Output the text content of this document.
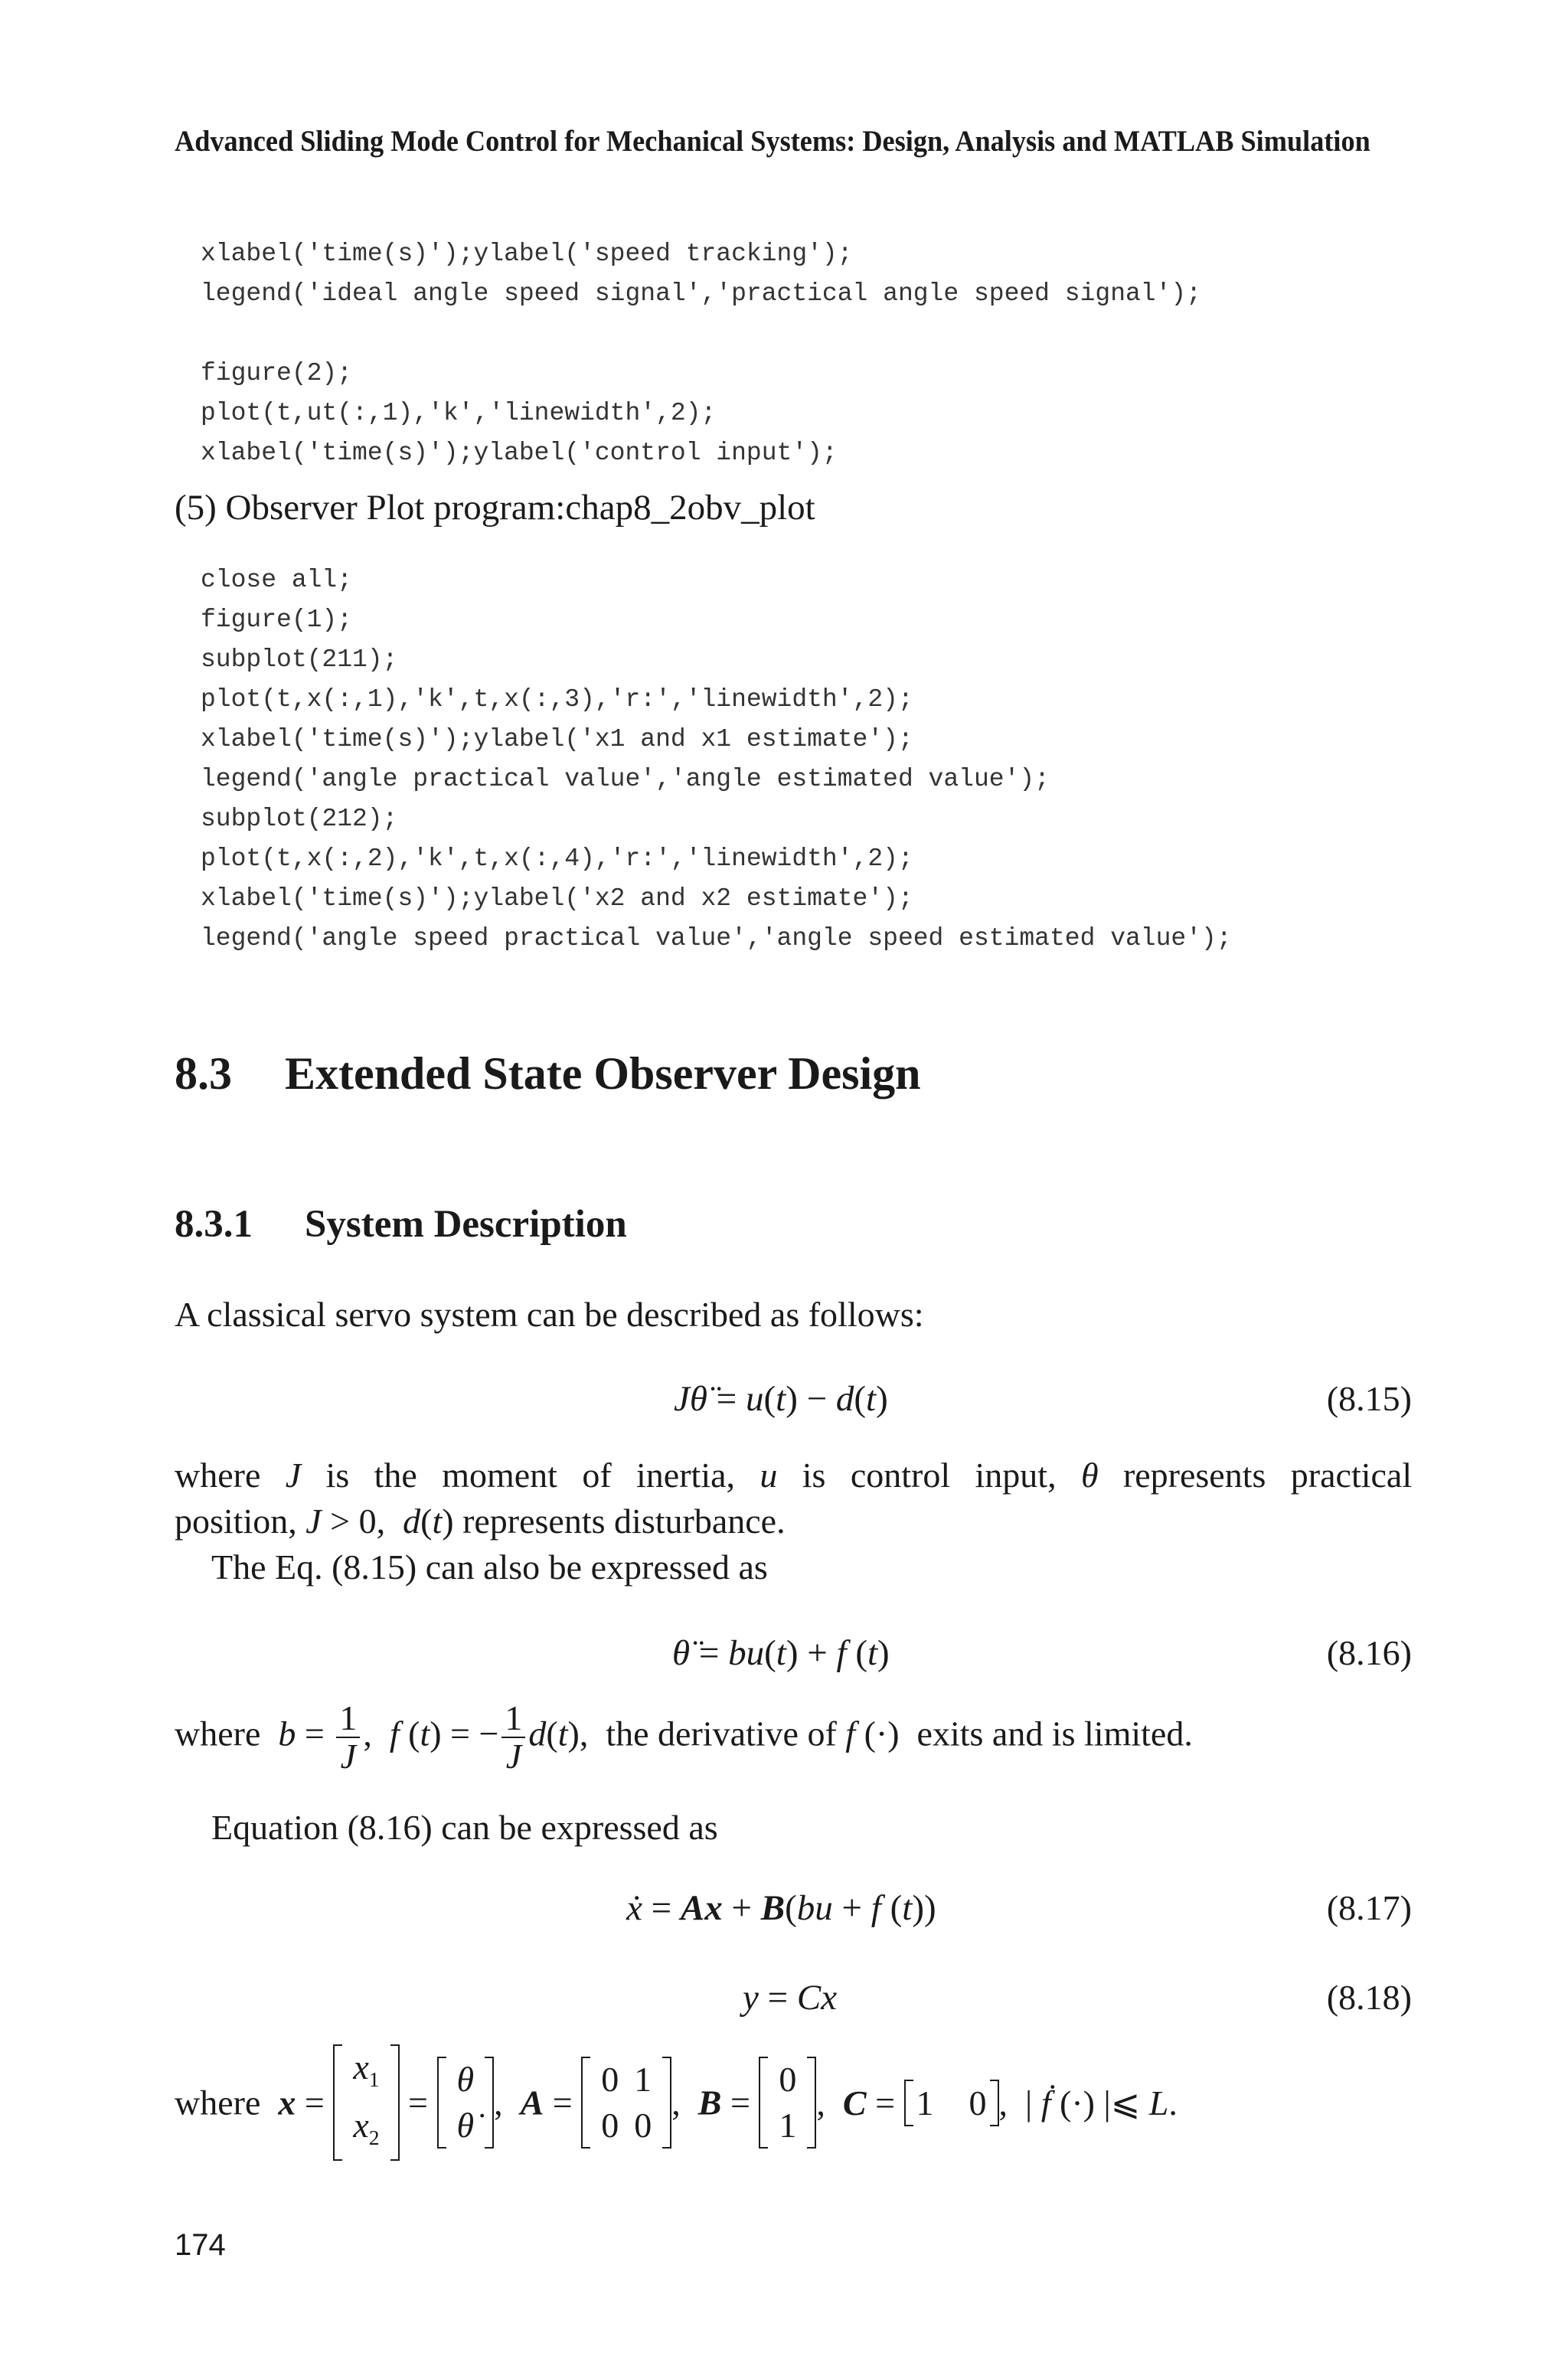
Advanced Sliding Mode Control for Mechanical Systems: Design, Analysis and MATLAB Simulation
xlabel('time(s)');ylabel('speed tracking');
legend('ideal angle speed signal','practical angle speed signal');

figure(2);
plot(t,ut(:,1),'k','linewidth',2);
xlabel('time(s)');ylabel('control input');
(5) Observer Plot program:chap8_2obv_plot
close all;
figure(1);
subplot(211);
plot(t,x(:,1),'k',t,x(:,3),'r:','linewidth',2);
xlabel('time(s)');ylabel('x1 and x1 estimate');
legend('angle practical value','angle estimated value');
subplot(212);
plot(t,x(:,2),'k',t,x(:,4),'r:','linewidth',2);
xlabel('time(s)');ylabel('x2 and x2 estimate');
legend('angle speed practical value','angle speed estimated value');
8.3 Extended State Observer Design
8.3.1 System Description
A classical servo system can be described as follows:
Jθ̈ = u(t) − d(t)	(8.15)
where J is the moment of inertia, u is control input, θ represents practical
position, J > 0,  d(t) represents disturbance.
The Eq. (8.15) can also be expressed as
θ̈ = bu(t) + f (t)	(8.16)
where $b = \frac{1}{J}$ ,  f (t) = − $\frac{1}{J} d(t)$,  the derivative of f (·)  exits and is limited.
Equation (8.16) can be expressed as
ẋ = Ax + B(bu + f (t))	(8.17)
y = Cx	(8.18)
where x =
$x_1$
$x_2$
=
θ
θ̇
,  A =
0	1
0	0
,  B =
0
1
,  C = 1    0 ,  | ḟ (·) |⩽ L.
174
